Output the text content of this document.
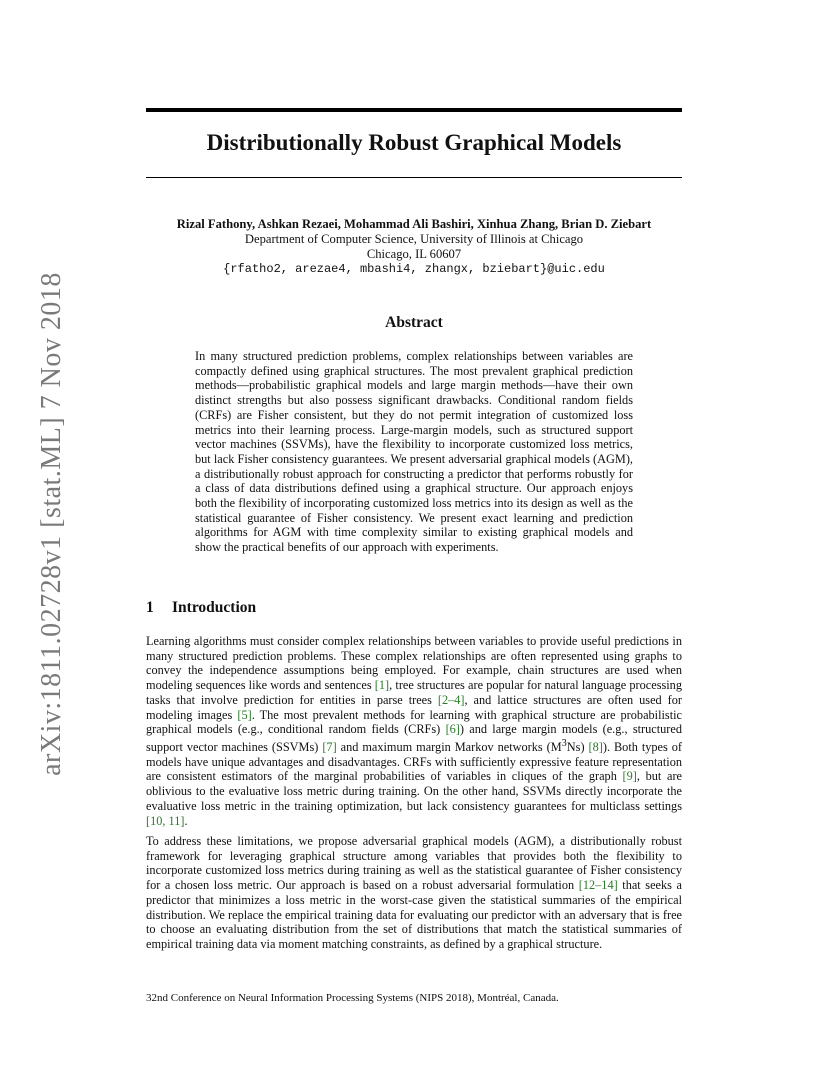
arXiv:1811.02728v1 [stat.ML] 7 Nov 2018
Distributionally Robust Graphical Models
Rizal Fathony, Ashkan Rezaei, Mohammad Ali Bashiri, Xinhua Zhang, Brian D. Ziebart
Department of Computer Science, University of Illinois at Chicago
Chicago, IL 60607
{rfatho2, arezae4, mbashi4, zhangx, bziebart}@uic.edu
Abstract

In many structured prediction problems, complex relationships between variables are compactly defined using graphical structures. The most prevalent graphical prediction methods—probabilistic graphical models and large margin methods—have their own distinct strengths but also possess significant drawbacks. Conditional random fields (CRFs) are Fisher consistent, but they do not permit integration of customized loss metrics into their learning process. Large-margin models, such as structured support vector machines (SSVMs), have the flexibility to incorporate customized loss metrics, but lack Fisher consistency guarantees. We present adversarial graphical models (AGM), a distributionally robust approach for constructing a predictor that performs robustly for a class of data distributions defined using a graphical structure. Our approach enjoys both the flexibility of incorporating customized loss metrics into its design as well as the statistical guarantee of Fisher consistency. We present exact learning and prediction algorithms for AGM with time complexity similar to existing graphical models and show the practical benefits of our approach with experiments.

1 Introduction

Learning algorithms must consider complex relationships between variables to provide useful predictions in many structured prediction problems. These complex relationships are often represented using graphs to convey the independence assumptions being employed. For example, chain structures are used when modeling sequences like words and sentences [1], tree structures are popular for natural language processing tasks that involve prediction for entities in parse trees [2–4], and lattice structures are often used for modeling images [5]. The most prevalent methods for learning with graphical structure are probabilistic graphical models (e.g., conditional random fields (CRFs) [6]) and large margin models (e.g., structured support vector machines (SSVMs) [7] and maximum margin Markov networks $(M^3Ns)$ [8]). Both types of models have unique advantages and disadvantages. CRFs with sufficiently expressive feature representation are consistent estimators of the marginal probabilities of variables in cliques of the graph [9], but are oblivious to the evaluative loss metric during training. On the other hand, SSVMs directly incorporate the evaluative loss metric in the training optimization, but lack consistency guarantees for multiclass settings [10, 11].

To address these limitations, we propose adversarial graphical models (AGM), a distributionally robust framework for leveraging graphical structure among variables that provides both the flexibility to incorporate customized loss metrics during training as well as the statistical guarantee of Fisher consistency for a chosen loss metric. Our approach is based on a robust adversarial formulation [12–14] that seeks a predictor that minimizes a loss metric in the worst-case given the statistical summaries of the empirical distribution. We replace the empirical training data for evaluating our predictor with an adversary that is free to choose an evaluating distribution from the set of distributions that match the statistical summaries of empirical training data via moment matching constraints, as defined by a graphical structure.

32nd Conference on Neural Information Processing Systems (NIPS 2018), Montréal, Canada.
